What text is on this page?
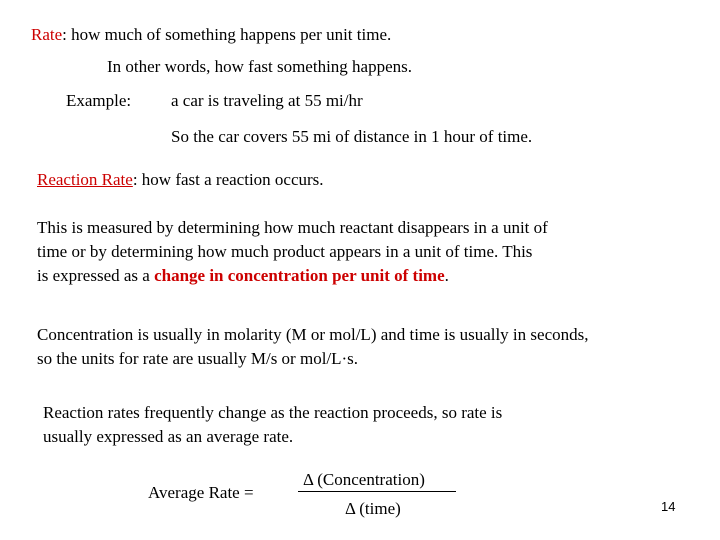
Rate: how much of something happens per unit time.
In other words, how fast something happens.
Example: a car is traveling at 55 mi/hr
So the car covers 55 mi of distance in 1 hour of time.
Reaction Rate: how fast a reaction occurs.
This is measured by determining how much reactant disappears in a unit of
time or by determining how much product appears in a unit of time. This
is expressed as a change in concentration per unit of time.
Concentration is usually in molarity (M or mol/L) and time is usually in seconds,
so the units for rate are usually M/s or mol/L·s.
Reaction rates frequently change as the reaction proceeds, so rate is
usually expressed as an average rate.
Average Rate =
Δ (Concentration)
Δ (time)	14
